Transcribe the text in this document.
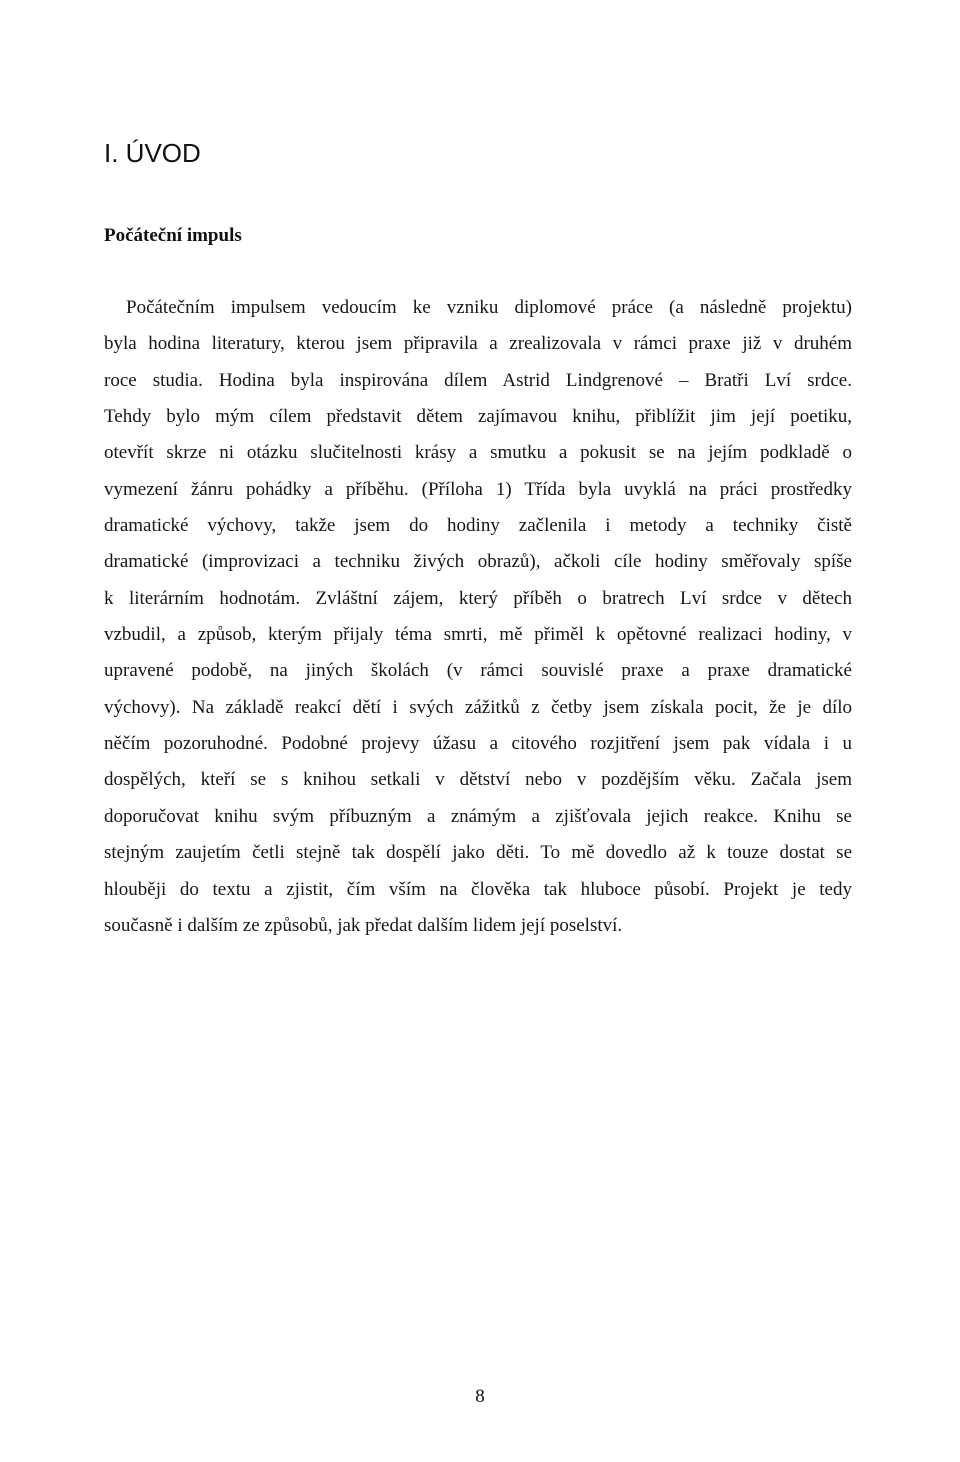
I. ÚVOD
Počáteční impuls
Počátečním impulsem vedoucím ke vzniku diplomové práce (a následně projektu)
byla hodina literatury, kterou jsem připravila a zrealizovala v rámci praxe již v druhém
roce studia. Hodina byla inspirována dílem Astrid Lindgrenové – Bratři Lví srdce.
Tehdy bylo mým cílem představit dětem zajímavou knihu, přiblížit jim její poetiku,
otevřít skrze ni otázku slučitelnosti krásy a smutku a pokusit se na jejím podkladě o
vymezení žánru pohádky a příběhu. (Příloha 1) Třída byla uvyklá na práci prostředky
dramatické výchovy, takže jsem do hodiny začlenila i metody a techniky čistě
dramatické (improvizaci a techniku živých obrazů), ačkoli cíle hodiny směřovaly spíše
k literárním hodnotám. Zvláštní zájem, který příběh o bratrech Lví srdce v dětech
vzbudil, a způsob, kterým přijaly téma smrti, mě přiměl k opětovné realizaci hodiny, v
upravené podobě, na jiných školách (v rámci souvislé praxe a praxe dramatické
výchovy). Na základě reakcí dětí i svých zážitků z četby jsem získala pocit, že je dílo
něčím pozoruhodné. Podobné projevy úžasu a citového rozjitření jsem pak vídala i u
dospělých, kteří se s knihou setkali v dětství nebo v pozdějším věku. Začala jsem
doporučovat knihu svým příbuzným a známým a zjišťovala jejich reakce. Knihu se
stejným zaujetím četli stejně tak dospělí jako děti. To mě dovedlo až k touze dostat se
hlouběji do textu a zjistit, čím vším na člověka tak hluboce působí. Projekt je tedy
současně i dalším ze způsobů, jak předat dalším lidem její poselství.
8
